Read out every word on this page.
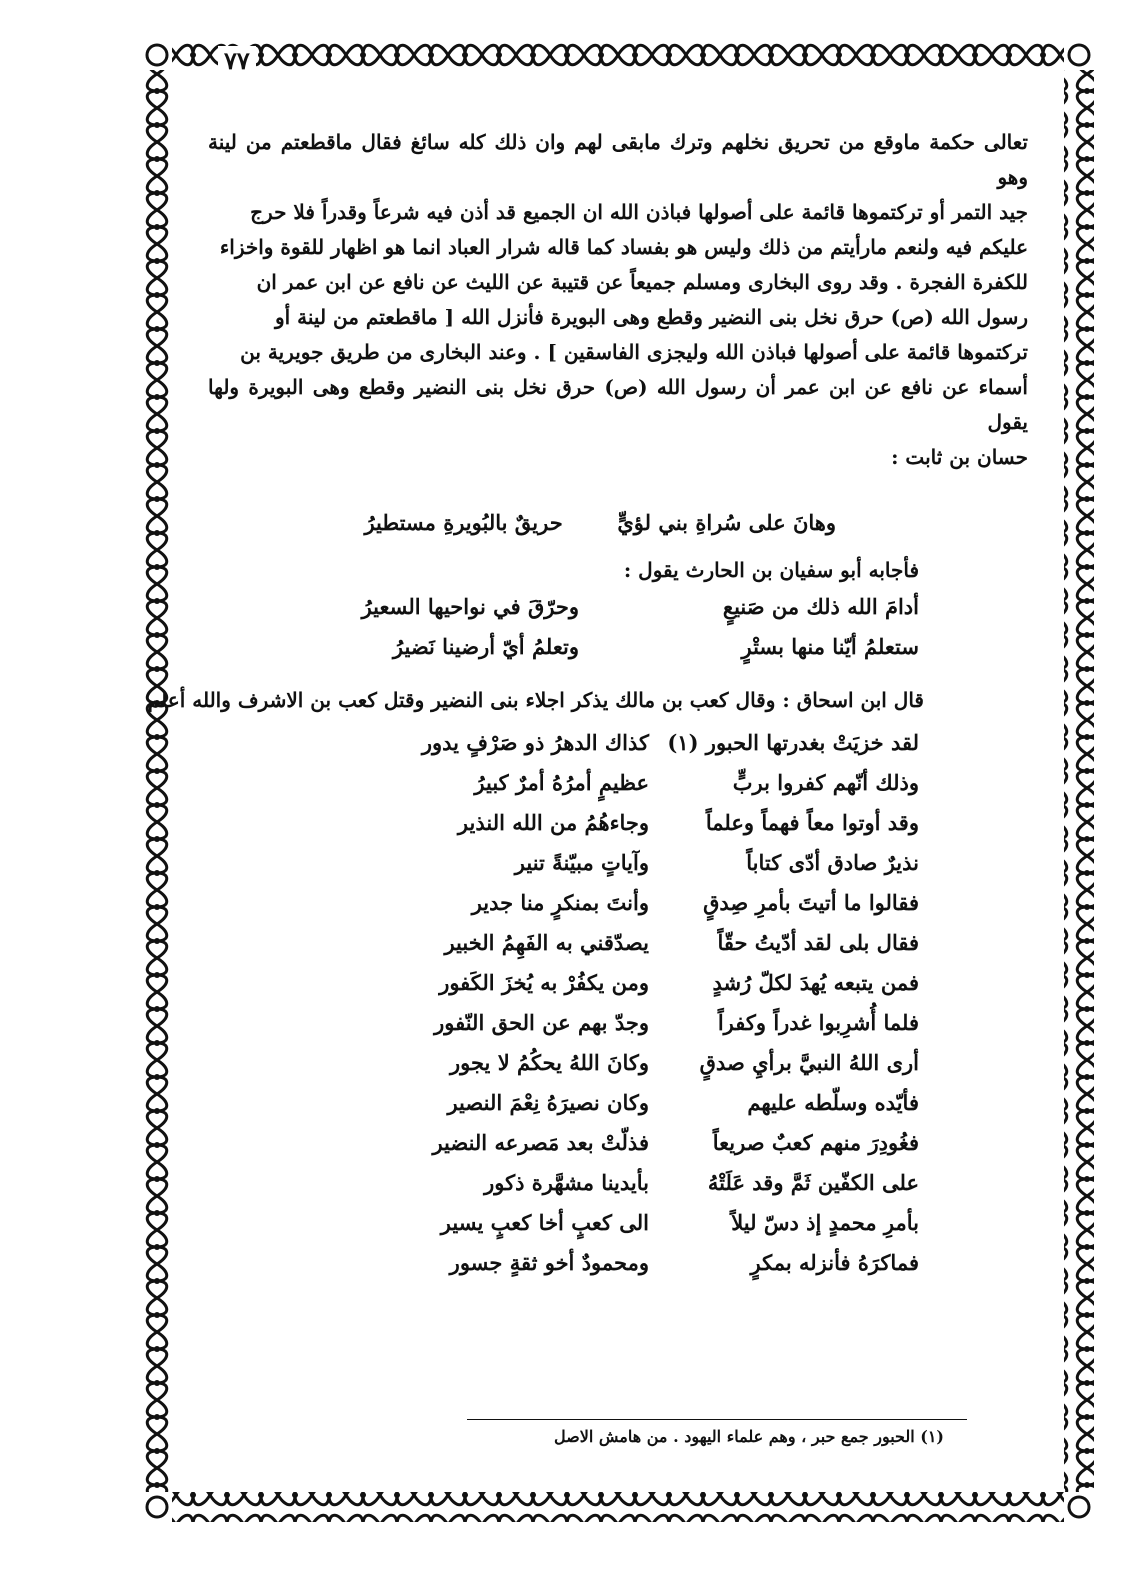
٧٧

تعالى حكمة ماوقع من تحريق نخلهم وترك مابقى لهم وان ذلك كله سائغ فقال ماقطعتم من لينة وهو

جيد التمر أو تركتموها قائمة على أصولها فباذن الله ان الجميع قد أذن فيه شرعاً وقدراً فلا حرج

عليكم فيه ولنعم مارأيتم من ذلك وليس هو بفساد كما قاله شرار العباد انما هو اظهار للقوة واخزاء

للكفرة الفجرة . وقد روى البخارى ومسلم جميعاً عن قتيبة عن الليث عن نافع عن ابن عمر ان

رسول الله (ص) حرق نخل بنى النضير وقطع وهى البويرة فأنزل الله [ ماقطعتم من لينة أو

تركتموها قائمة على أصولها فباذن الله وليجزى الفاسقين ] . وعند البخارى من طريق جويرية بن

أسماء عن نافع عن ابن عمر أن رسول الله (ص) حرق نخل بنى النضير وقطع وهى البويرة ولها يقول

حسان بن ثابت :

وهانَ على سُراةِ بني لؤيٍّ  حريقٌ بالبُويرةِ مستطيرُ
فأجابه أبو سفيان بن الحارث يقول :
أدامَ الله ذلك من صَنيعٍ
وحرّقَ في نواحيها السعيرُ
ستعلمُ أيّنا منها بستْرٍ
وتعلمُ أيّ أرضينا نَضيرُ
قال ابن اسحاق : وقال كعب بن مالك يذكر اجلاء بنى النضير وقتل كعب بن الاشرف والله أعلم
لقد خزيَتْ بغدرتها الحبور (١)
كذاك الدهرُ ذو صَرْفٍ يدور
وذلك أنّهم كفروا بربٍّ
عظيمٍ أمرُهُ أمرٌ كبيرُ
وقد أوتوا معاً فهماً وعلماً
وجاءهُمُ من الله النذير
نذيرٌ صادق أدّى كتاباً
وآياتٍ مبيّنةً تنير
فقالوا ما أتيتَ بأمرِ صِدقٍ
وأنتَ بمنكرٍ منا جدير
فقال بلى لقد أدّيتُ حقّاً
يصدّقني به الفَهِمُ الخبير
فمن يتبعه يُهدَ لكلّ رُشدٍ
ومن يكفُرْ به يُخزَ الكَفور
فلما أُشرِبوا غدراً وكفراً
وجدّ بهم عن الحق النّفور
أرى اللهُ النبيَّ برأيِ صدقٍ
وكانَ اللهُ يحكُمُ لا يجور
فأيّده وسلّطه عليهم
وكان نصيرَهُ نِعْمَ النصير
فغُودِرَ منهم كعبٌ صريعاً
فذلّتْ بعد مَصرعه النضير
على الكفّين ثَمَّ وقد عَلَتْهُ
بأيدينا مشهَّرة ذكور
بأمرِ محمدٍ إذ دسّ ليلاً
الى كعبٍ أخا كعبٍ يسير
فماكرَهُ فأنزله بمكرٍ
ومحمودٌ أخو ثقةٍ جسور
(١) الحبور جمع حبر ، وهم علماء اليهود . من هامش الاصل
